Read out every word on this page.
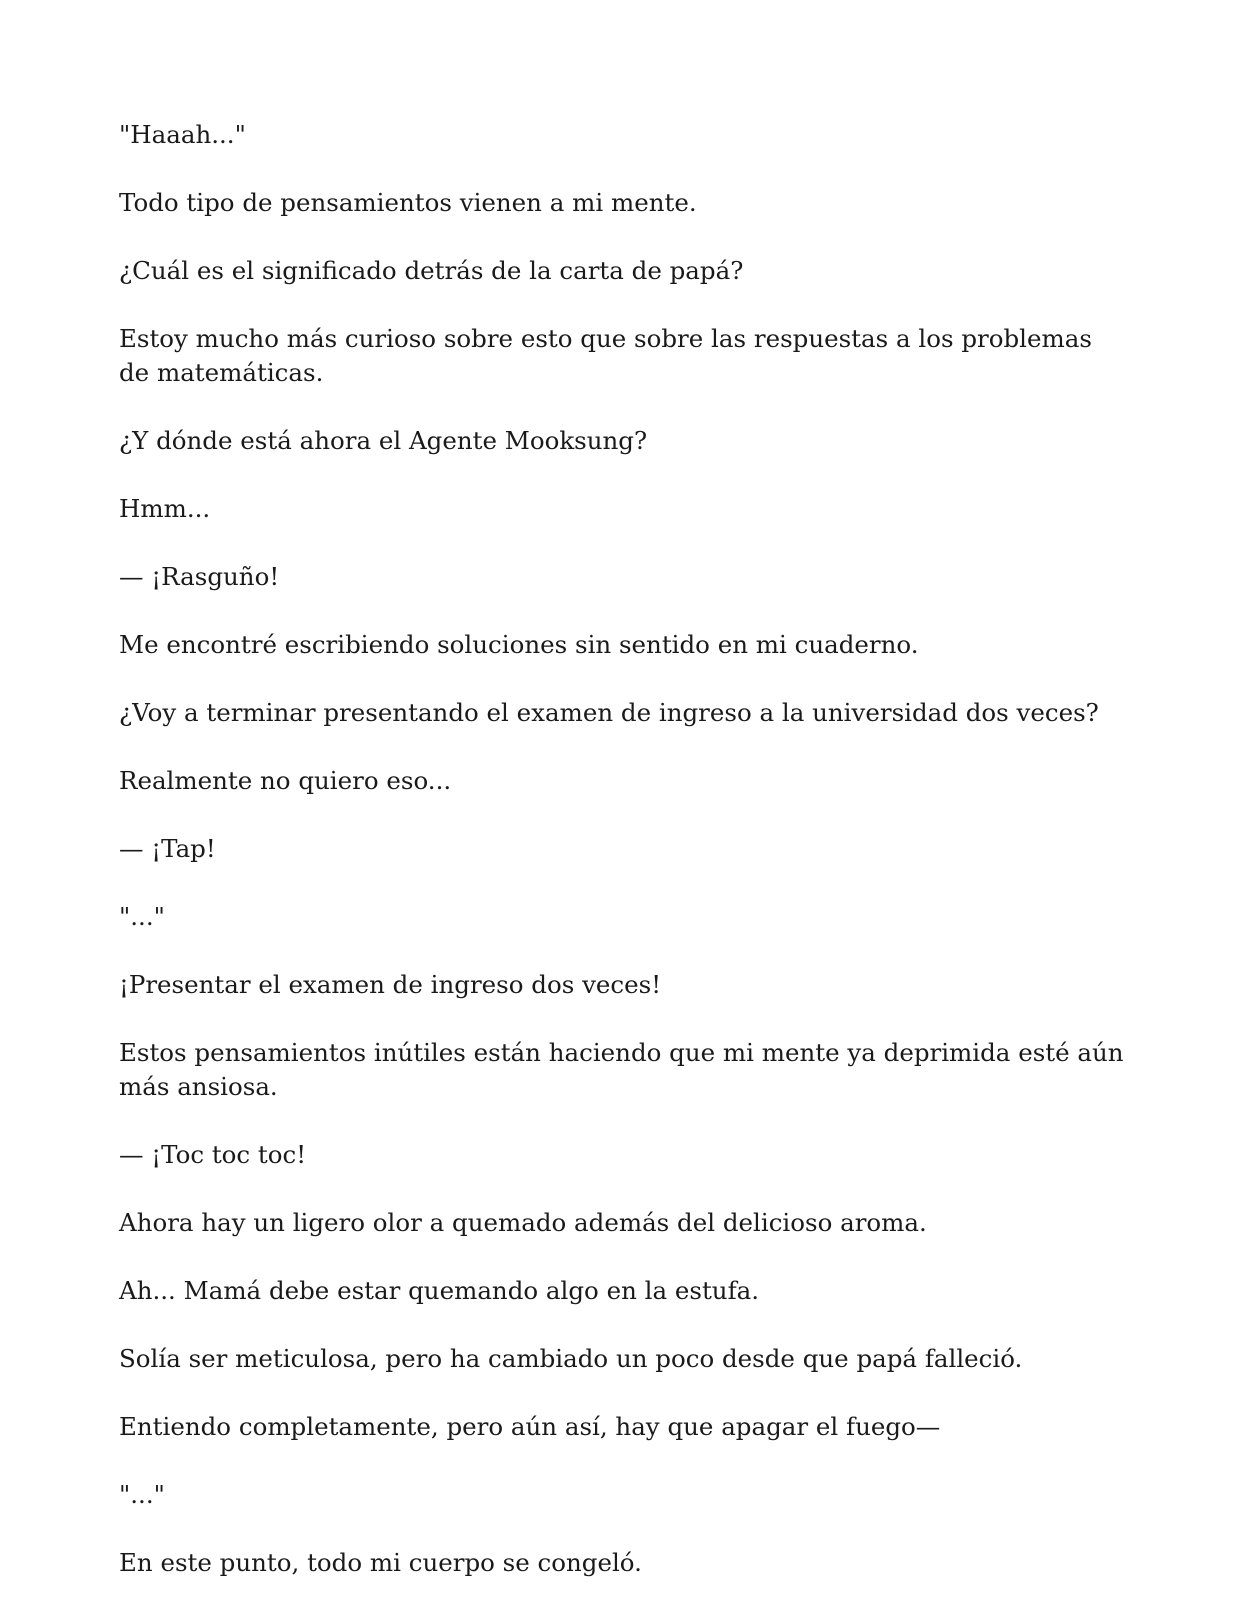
"Haaah..."

Todo tipo de pensamientos vienen a mi mente.

¿Cuál es el significado detrás de la carta de papá?

Estoy mucho más curioso sobre esto que sobre las respuestas a los problemas de matemáticas.

¿Y dónde está ahora el Agente Mooksung?

Hmm...

— ¡Rasguño!

Me encontré escribiendo soluciones sin sentido en mi cuaderno.

¿Voy a terminar presentando el examen de ingreso a la universidad dos veces?

Realmente no quiero eso...

— ¡Tap!

"..."

¡Presentar el examen de ingreso dos veces!

Estos pensamientos inútiles están haciendo que mi mente ya deprimida esté aún más ansiosa.

— ¡Toc toc toc!

Ahora hay un ligero olor a quemado además del delicioso aroma.

Ah... Mamá debe estar quemando algo en la estufa.

Solía ser meticulosa, pero ha cambiado un poco desde que papá falleció.

Entiendo completamente, pero aún así, hay que apagar el fuego—

"..."

En este punto, todo mi cuerpo se congeló.
